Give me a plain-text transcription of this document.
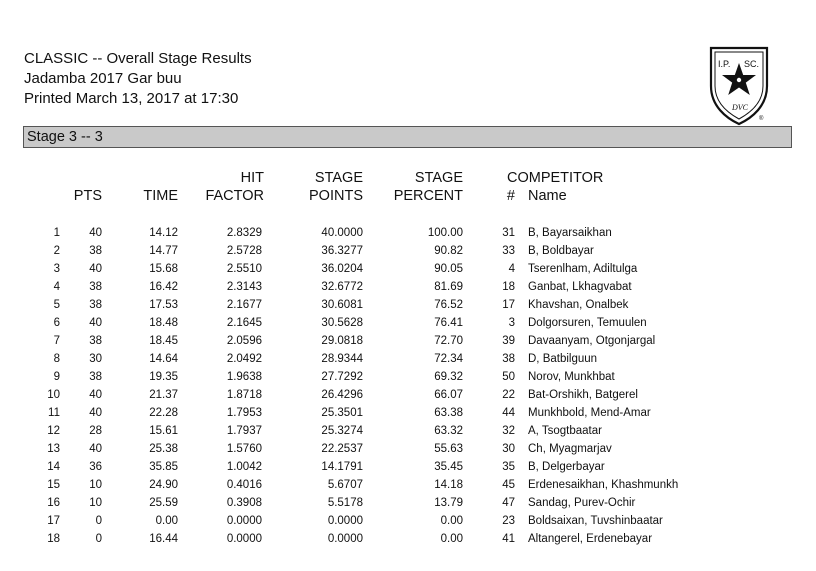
CLASSIC -- Overall Stage Results
Jadamba 2017 Gar buu
Printed March 13, 2017 at 17:30
I.P. SC.
DVC
®
Stage 3 -- 3
HIT	STAGE	STAGE	COMPETITOR
PTS	TIME	FACTOR	POINTS	PERCENT	# Name
1	40	14.12	2.8329	40.0000	100.00	31 B, Bayarsaikhan
2	38	14.77	2.5728	36.3277	90.82	33 B, Boldbayar
3	40	15.68	2.5510	36.0204	90.05	4 Tserenlham, Adiltulga
4	38	16.42	2.3143	32.6772	81.69	18 Ganbat, Lkhagvabat
5	38	17.53	2.1677	30.6081	76.52	17 Khavshan, Onalbek
6	40	18.48	2.1645	30.5628	76.41	3 Dolgorsuren, Temuulen
7	38	18.45	2.0596	29.0818	72.70	39 Davaanyam, Otgonjargal
8	30	14.64	2.0492	28.9344	72.34	38 D, Batbilguun
9	38	19.35	1.9638	27.7292	69.32	50 Norov, Munkhbat
10	40	21.37	1.8718	26.4296	66.07	22 Bat-Orshikh, Batgerel
11	40	22.28	1.7953	25.3501	63.38	44 Munkhbold, Mend-Amar
12	28	15.61	1.7937	25.3274	63.32	32 A, Tsogtbaatar
13	40	25.38	1.5760	22.2537	55.63	30 Ch, Myagmarjav
14	36	35.85	1.0042	14.1791	35.45	35 B, Delgerbayar
15	10	24.90	0.4016	5.6707	14.18	45 Erdenesaikhan, Khashmunkh
16	10	25.59	0.3908	5.5178	13.79	47 Sandag, Purev-Ochir
17	0	0.00	0.0000	0.0000	0.00	23 Boldsaixan, Tuvshinbaatar
18	0	16.44	0.0000	0.0000	0.00	41 Altangerel, Erdenebayar
